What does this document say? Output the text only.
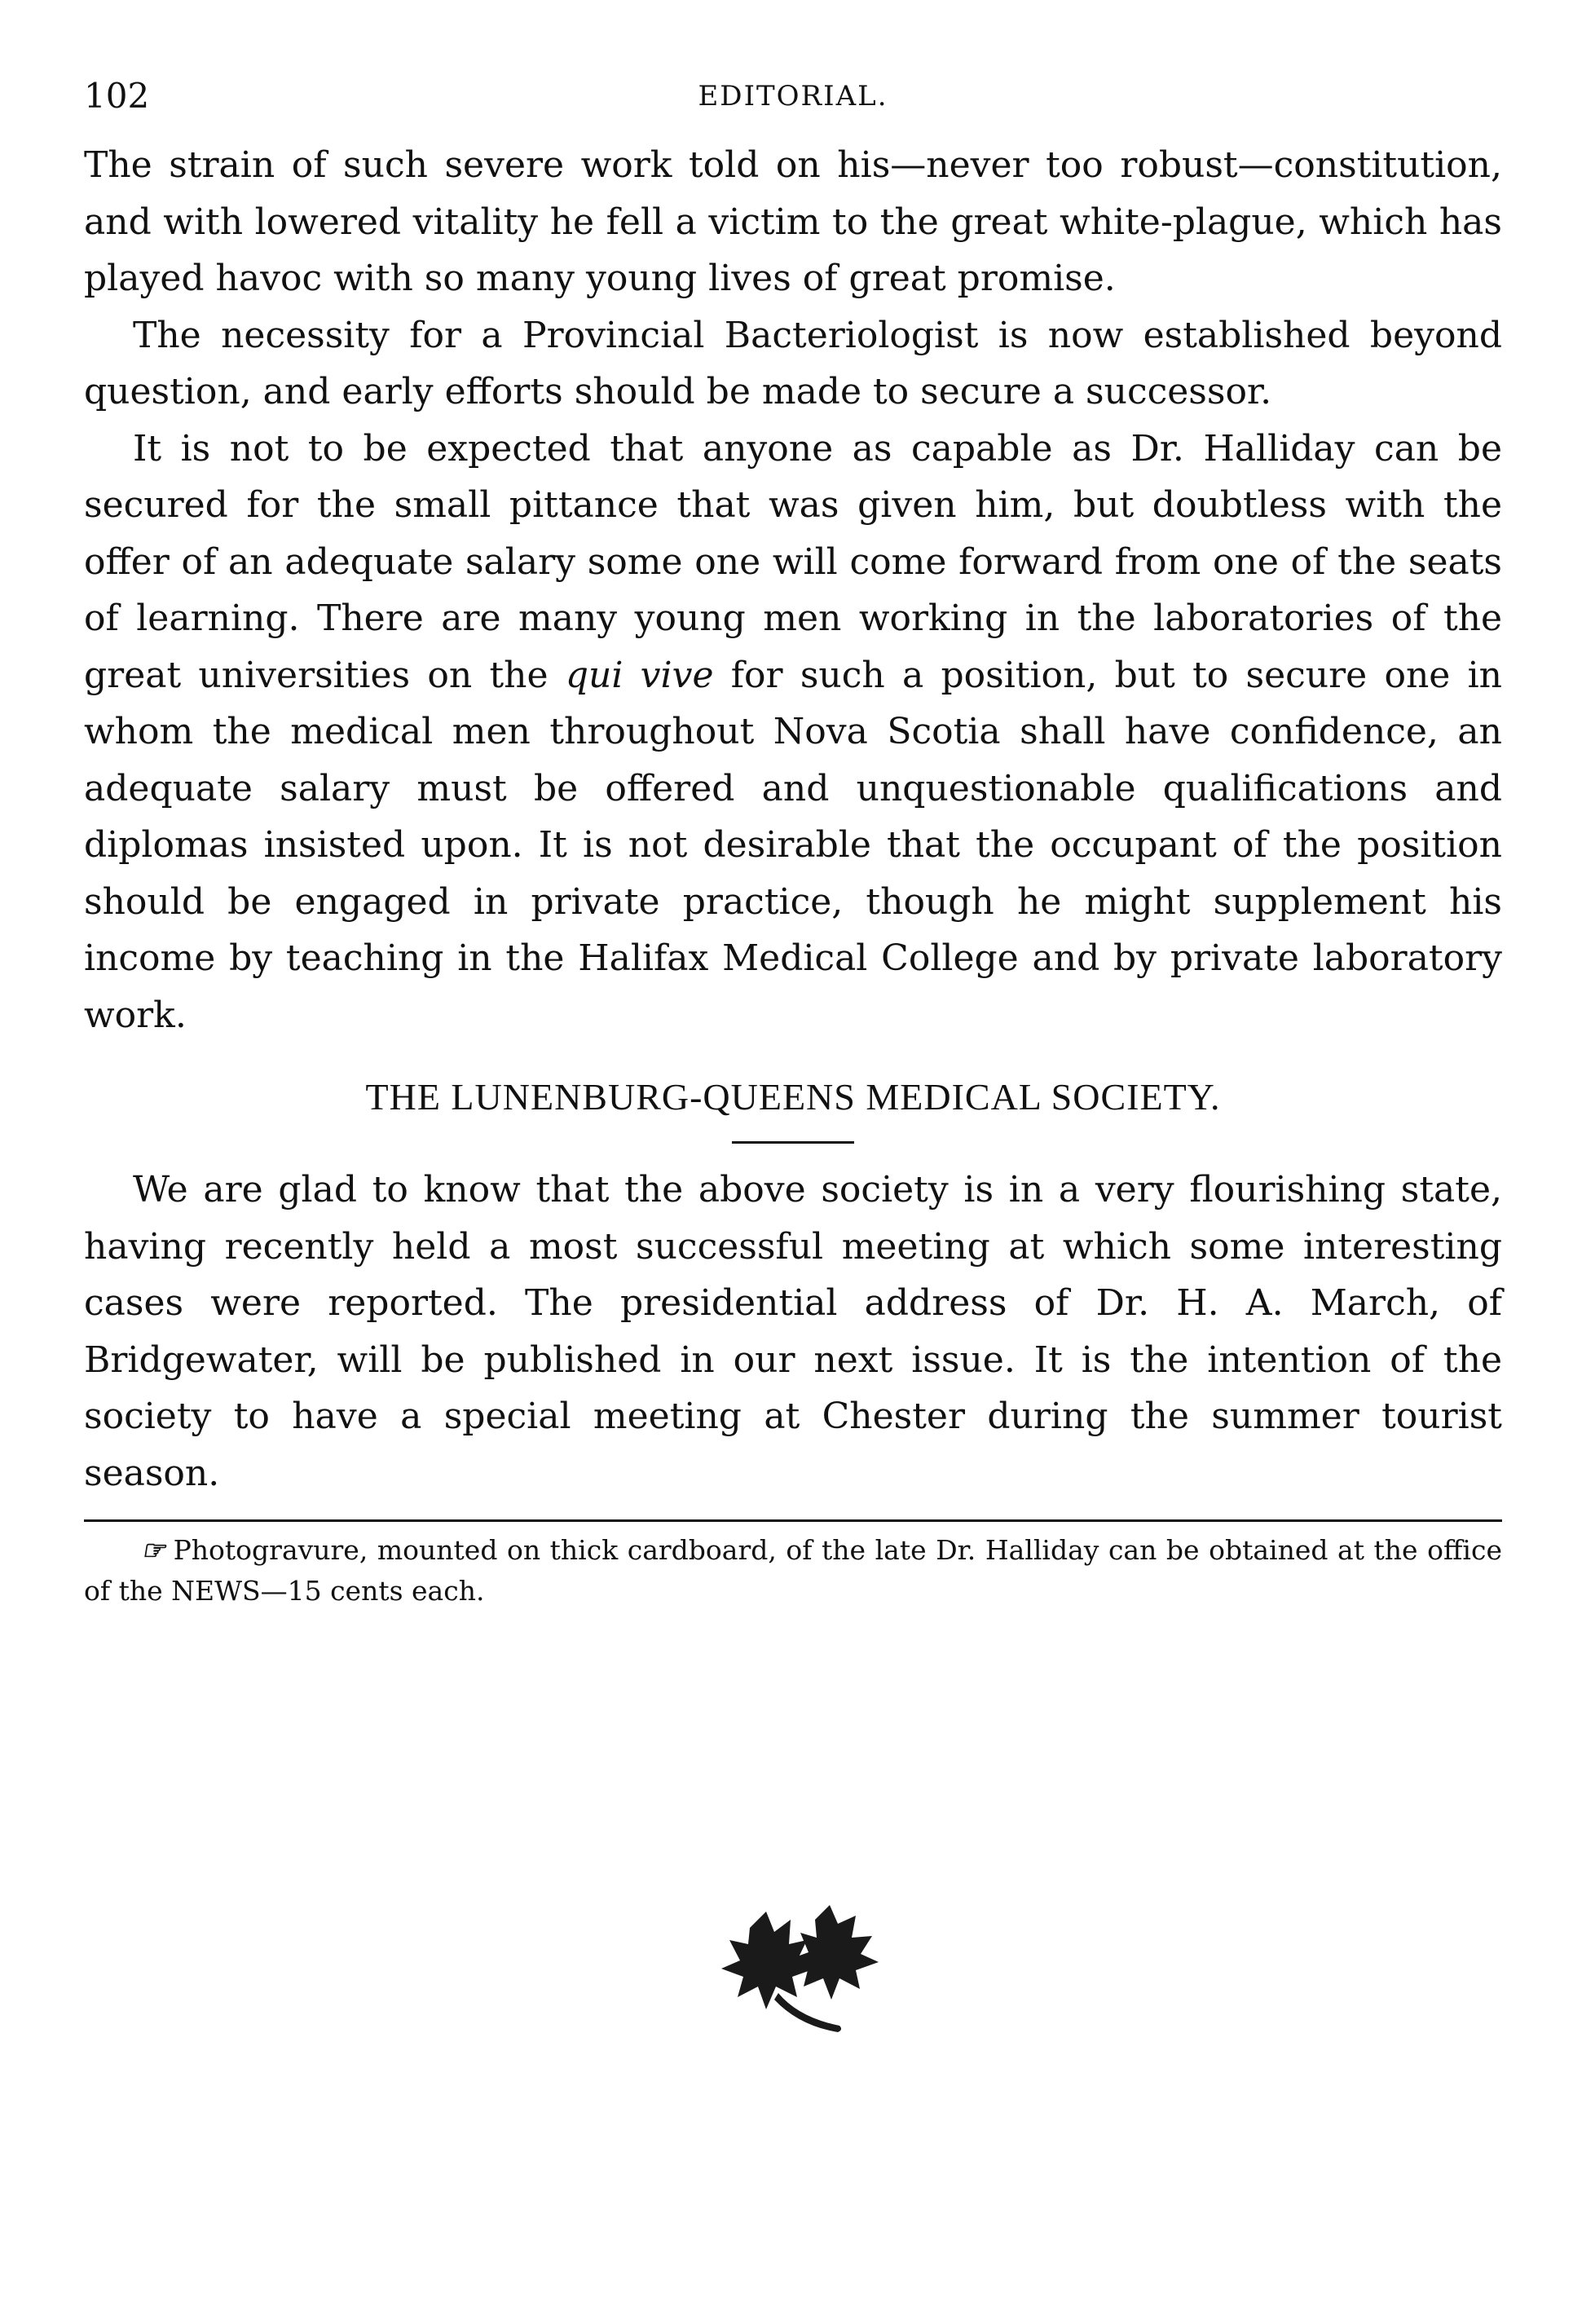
102	EDITORIAL.

The strain of such severe work told on his—never too robust—constitution, and with lowered vitality he fell a victim to the great white-plague, which has played havoc with so many young lives of great promise.

The necessity for a Provincial Bacteriologist is now established beyond question, and early efforts should be made to secure a successor.

It is not to be expected that anyone as capable as Dr. Halliday can be secured for the small pittance that was given him, but doubtless with the offer of an adequate salary some one will come forward from one of the seats of learning. There are many young men working in the laboratories of the great universities on the qui vive for such a position, but to secure one in whom the medical men throughout Nova Scotia shall have confidence, an adequate salary must be offered and unquestionable qualifications and diplomas insisted upon. It is not desirable that the occupant of the position should be engaged in private practice, though he might supplement his income by teaching in the Halifax Medical College and by private laboratory work.

THE LUNENBURG-QUEENS MEDICAL SOCIETY.

We are glad to know that the above society is in a very flourishing state, having recently held a most successful meeting at which some interesting cases were reported. The presidential address of Dr. H. A. March, of Bridgewater, will be published in our next issue. It is the intention of the society to have a special meeting at Chester during the summer tourist season.

☞ Photogravure, mounted on thick cardboard, of the late Dr. Halliday can be obtained at the office of the NEWS—15 cents each.
